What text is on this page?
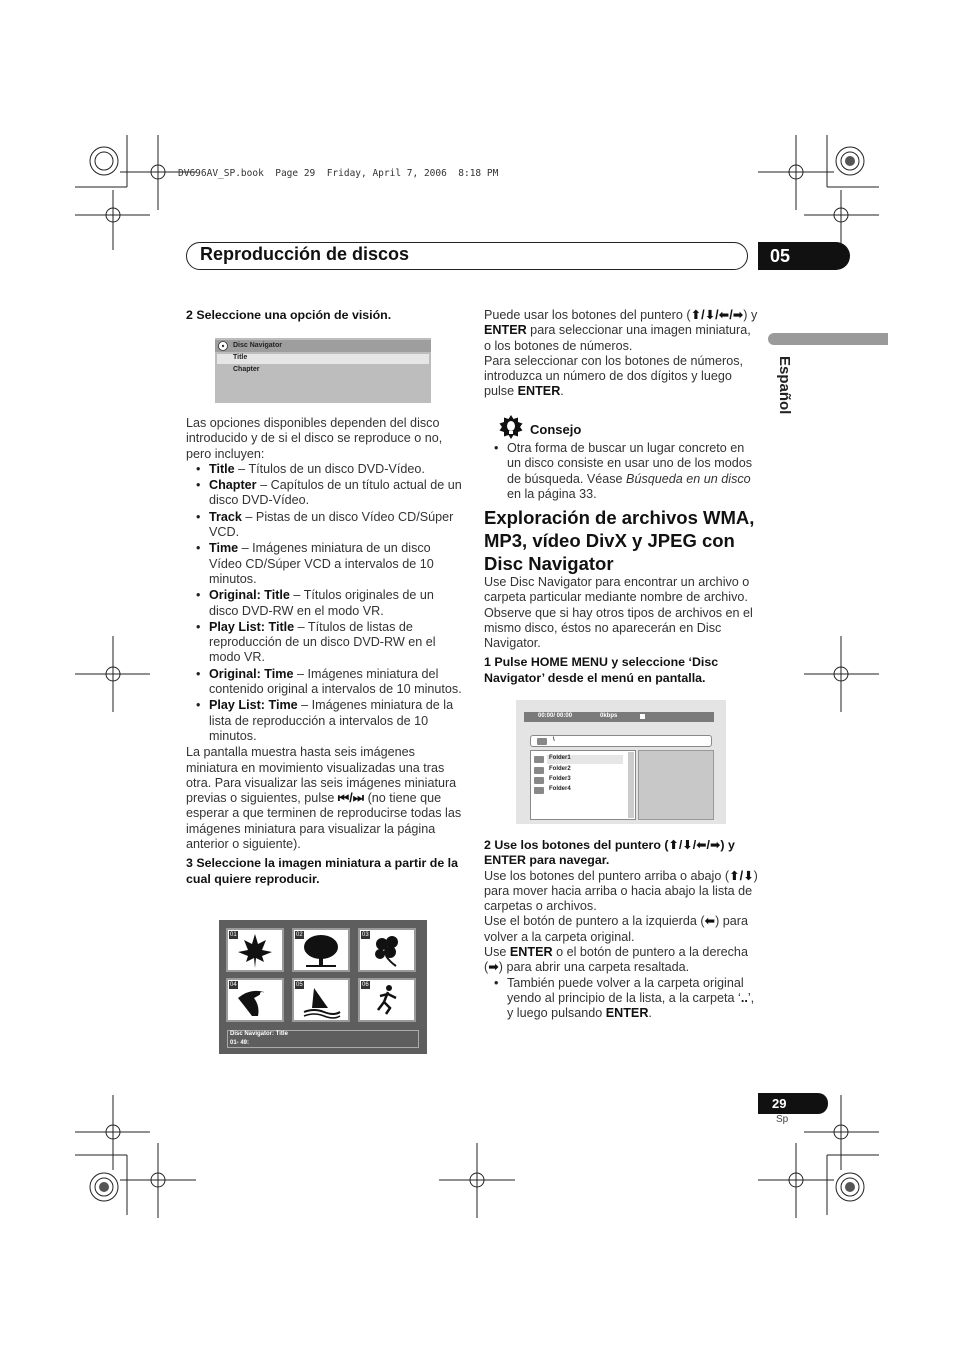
DV696AV_SP.book  Page 29  Friday, April 7, 2006  8:18 PM
Reproducción de discos	05
Español

2 Seleccione una opción de visión.

Disc Navigator
Title
Chapter

Las opciones disponibles dependen del disco introducido y de si el disco se reproduce o no, pero incluyen:

• Title – Títulos de un disco DVD-Vídeo.
• Chapter – Capítulos de un título actual de un disco DVD-Vídeo.
• Track – Pistas de un disco Vídeo CD/Súper VCD.
• Time – Imágenes miniatura de un disco Vídeo CD/Súper VCD a intervalos de 10 minutos.
• Original: Title – Títulos originales de un disco DVD-RW en el modo VR.
• Play List: Title – Títulos de listas de reproducción de un disco DVD-RW en el modo VR.
• Original: Time – Imágenes miniatura del contenido original a intervalos de 10 minutos.
• Play List: Time – Imágenes miniatura de la lista de reproducción a intervalos de 10 minutos.

La pantalla muestra hasta seis imágenes miniatura en movimiento visualizadas una tras otra. Para visualizar las seis imágenes miniatura previas o siguientes, pulse ⏮/⏭ (no tiene que esperar a que terminen de reproducirse todas las imágenes miniatura para visualizar la página anterior o siguiente).

3 Seleccione la imagen miniatura a partir de la cual quiere reproducir.

01	02	03
04	05	06
Disc Navigator: Title
01- 49:

Puede usar los botones del puntero (⬆/⬇/⬅/➡) y ENTER para seleccionar una imagen miniatura, o los botones de números.

Para seleccionar con los botones de números, introduzca un número de dos dígitos y luego pulse ENTER.

Consejo
• Otra forma de buscar un lugar concreto en un disco consiste en usar uno de los modos de búsqueda. Véase Búsqueda en un disco en la página 33.
Exploración de archivos WMA, MP3, vídeo DivX y JPEG con Disc Navigator

Use Disc Navigator para encontrar un archivo o carpeta particular mediante nombre de archivo. Observe que si hay otros tipos de archivos en el mismo disco, éstos no aparecerán en Disc Navigator.

1 Pulse HOME MENU y seleccione ‘Disc Navigator’ desde el menú en pantalla.

00:00/ 00:00	0kbps
\
Folder1
Folder2
Folder3
Folder4

2 Use los botones del puntero (⬆/⬇/⬅/➡) y ENTER para navegar.

Use los botones del puntero arriba o abajo (⬆/⬇) para mover hacia arriba o hacia abajo la lista de carpetas o archivos.

Use el botón de puntero a la izquierda (⬅) para volver a la carpeta original.

Use ENTER o el botón de puntero a la derecha (➡) para abrir una carpeta resaltada.

• También puede volver a la carpeta original yendo al principio de la lista, a la carpeta ‘..’, y luego pulsando ENTER.
29
Sp
